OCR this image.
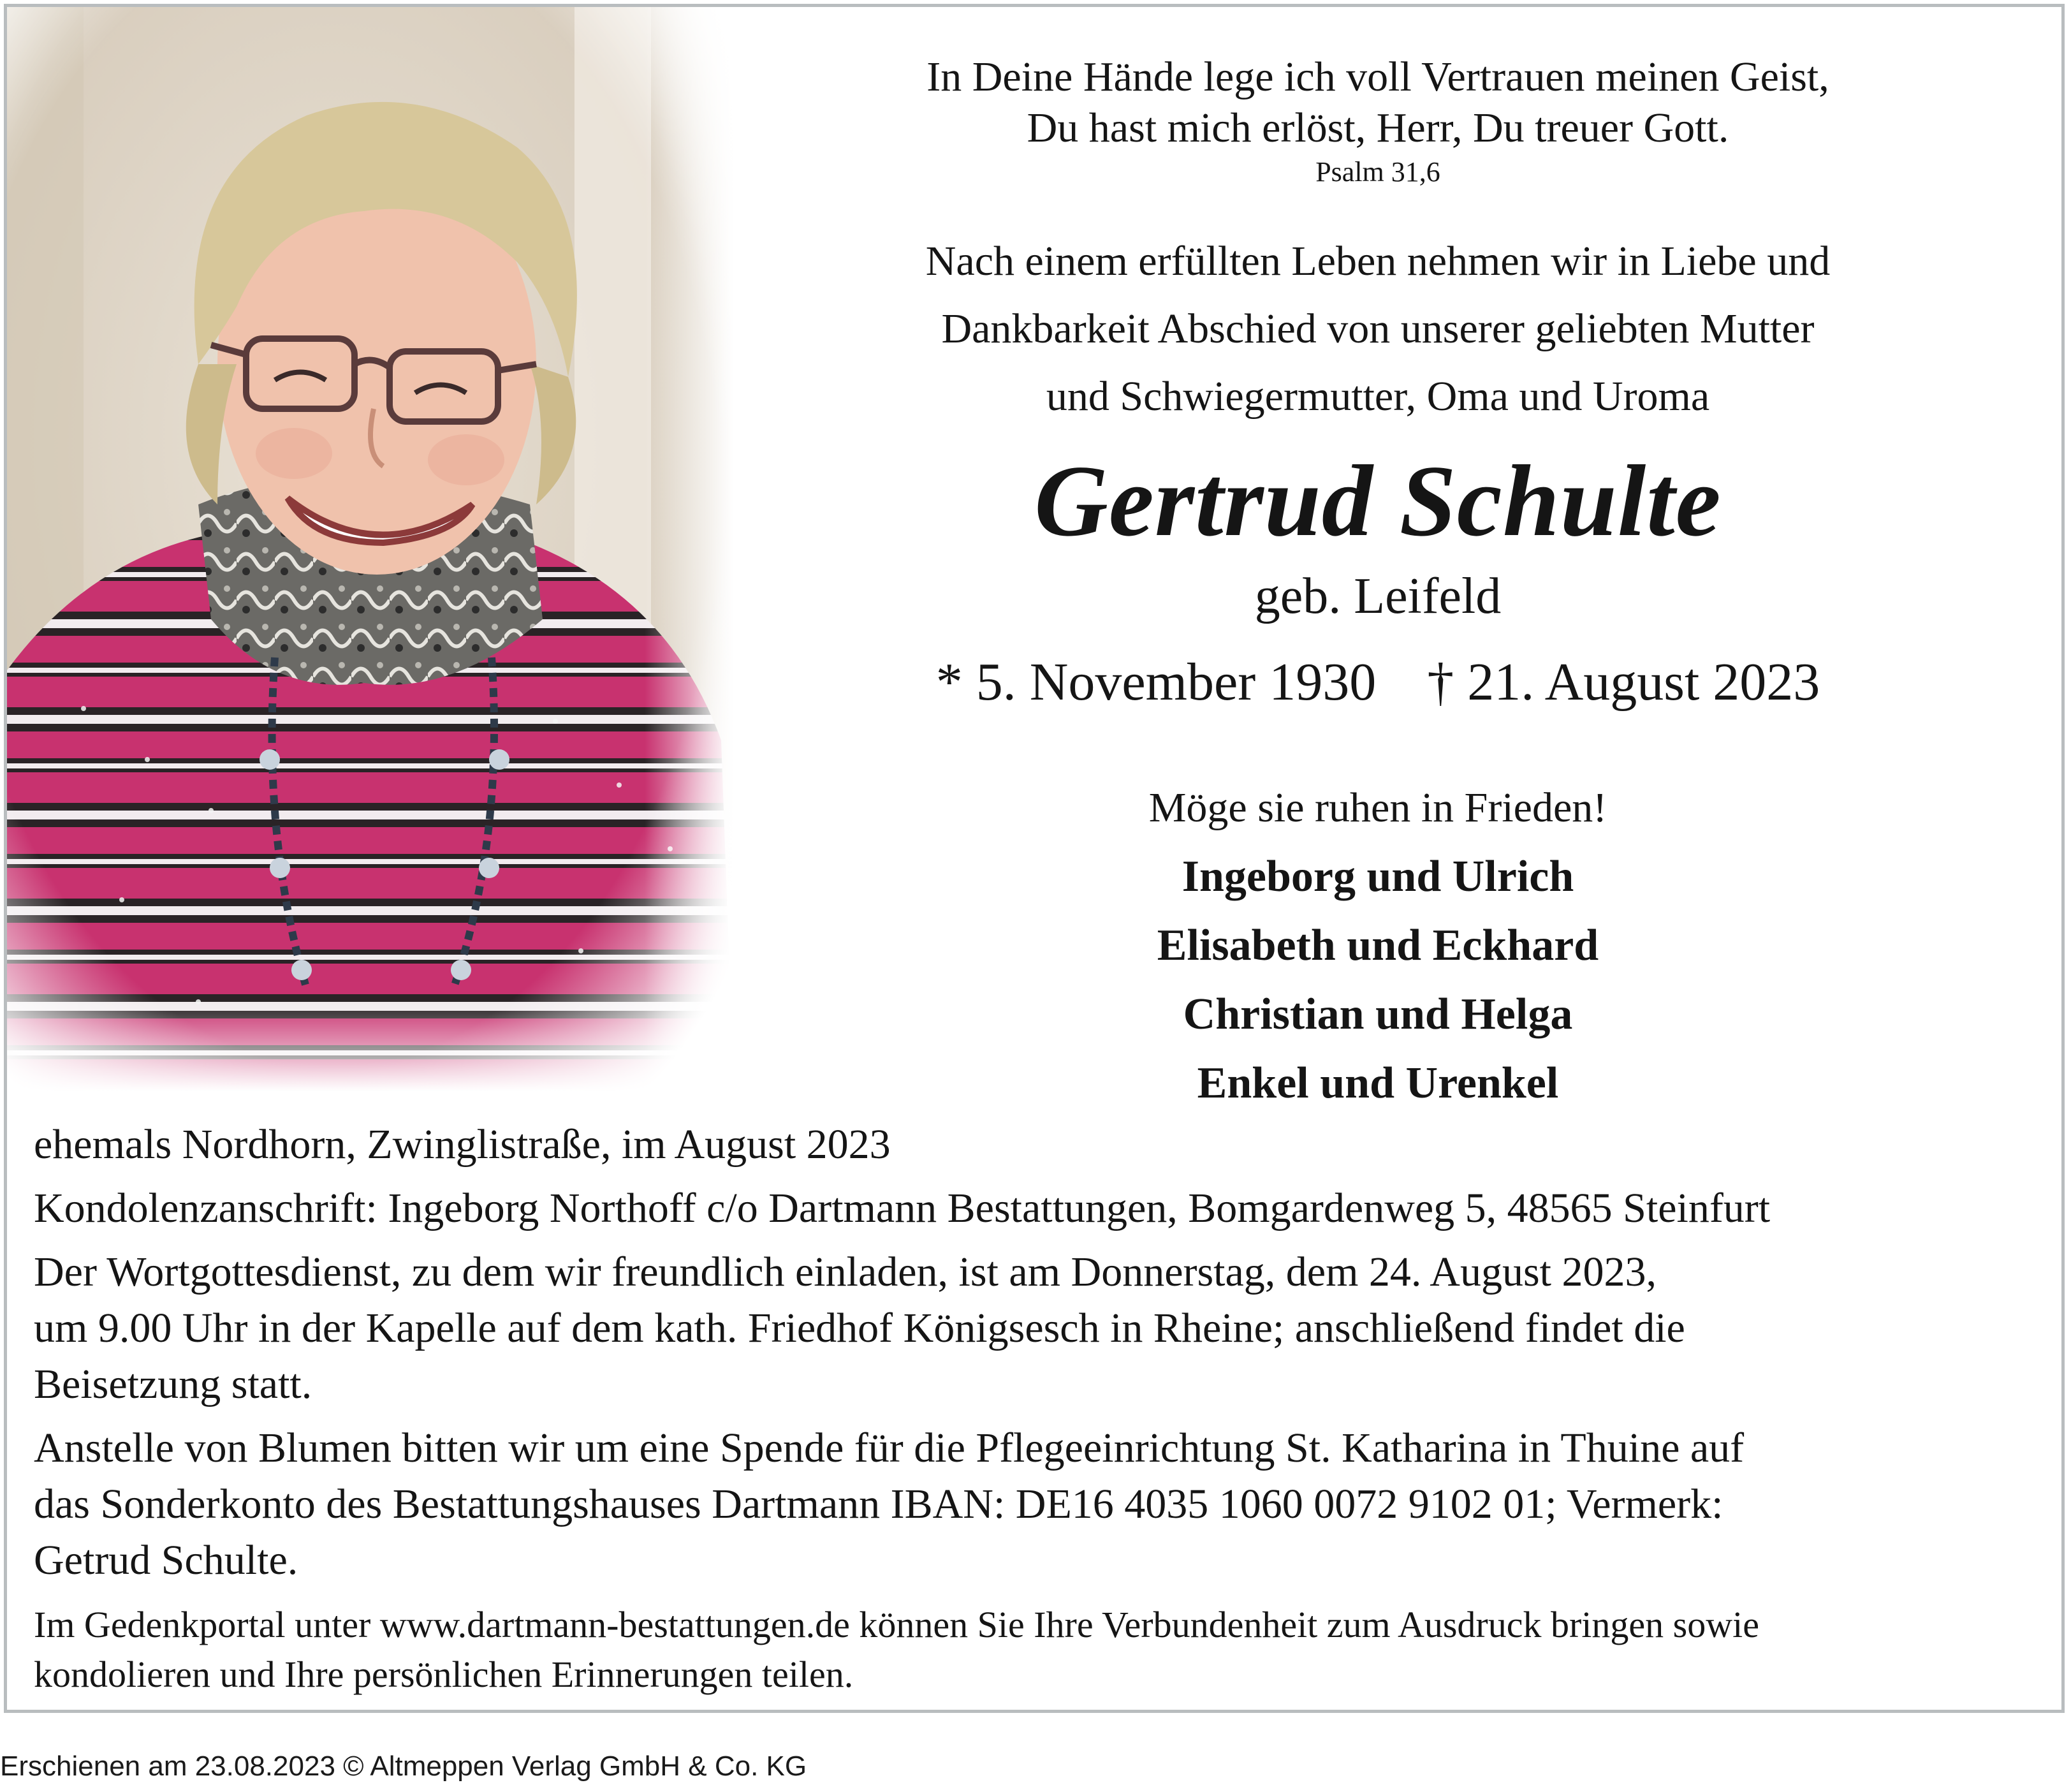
In Deine Hände lege ich voll Vertrauen meinen Geist,

Du hast mich erlöst, Herr, Du treuer Gott.

Psalm 31,6

Nach einem erfüllten Leben nehmen wir in Liebe und

Dankbarkeit Abschied von unserer geliebten Mutter

und Schwiegermutter, Oma und Uroma

Gertrud Schulte

geb. Leifeld

* 5. November 1930 † 21. August 2023

Möge sie ruhen in Frieden!

Ingeborg und Ulrich

Elisabeth und Eckhard

Christian und Helga

Enkel und Urenkel

ehemals Nordhorn, Zwinglistraße, im August 2023

Kondolenzanschrift: Ingeborg Northoff c/o Dartmann Bestattungen, Bomgardenweg 5, 48565 Steinfurt

Der Wortgottesdienst, zu dem wir freundlich einladen, ist am Donnerstag, dem 24. August 2023,
um 9.00 Uhr in der Kapelle auf dem kath. Friedhof Königsesch in Rheine; anschließend findet die
Beisetzung statt.
Anstelle von Blumen bitten wir um eine Spende für die Pflegeeinrichtung St. Katharina in Thuine auf
das Sonderkonto des Bestattungshauses Dartmann IBAN: DE16 4035 1060 0072 9102 01; Vermerk:
Getrud Schulte.
Im Gedenkportal unter www.dartmann-bestattungen.de können Sie Ihre Verbundenheit zum Ausdruck bringen sowie
kondolieren und Ihre persönlichen Erinnerungen teilen.
Erschienen am 23.08.2023 © Altmeppen Verlag GmbH & Co. KG
